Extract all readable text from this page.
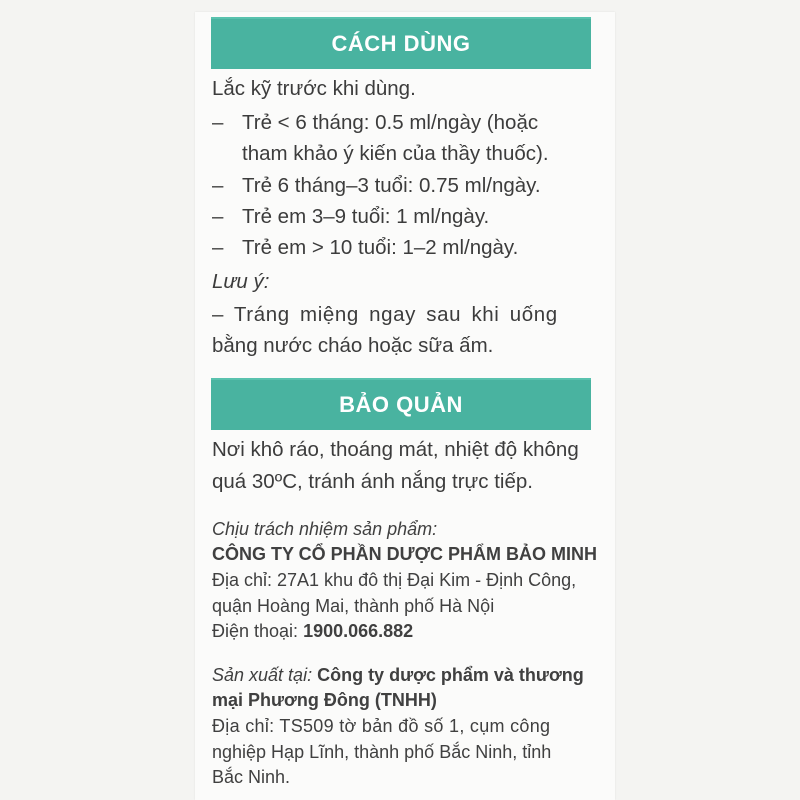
CÁCH DÙNG
Lắc kỹ trước khi dùng.
– Trẻ < 6 tháng: 0.5 ml/ngày (hoặc
tham khảo ý kiến của thầy thuốc).
– Trẻ 6 tháng–3 tuổi: 0.75 ml/ngày.
– Trẻ em 3–9 tuổi: 1 ml/ngày.
– Trẻ em > 10 tuổi: 1–2 ml/ngày.
Lưu ý:
– Tráng miệng ngay sau khi uống
bằng nước cháo hoặc sữa ấm.
BẢO QUẢN
Nơi khô ráo, thoáng mát, nhiệt độ không
quá 30ºC, tránh ánh nắng trực tiếp.
Chịu trách nhiệm sản phẩm:
CÔNG TY CỔ PHẦN DƯỢC PHẨM BẢO MINH
Địa chỉ: 27A1 khu đô thị Đại Kim - Định Công,
quận Hoàng Mai, thành phố Hà Nội
Điện thoại: 1900.066.882
Sản xuất tại: Công ty dược phẩm và thương
mại Phương Đông (TNHH)
Địa chỉ: TS509 tờ bản đồ số 1, cụm công
nghiệp Hạp Lĩnh, thành phố Bắc Ninh, tỉnh
Bắc Ninh.
